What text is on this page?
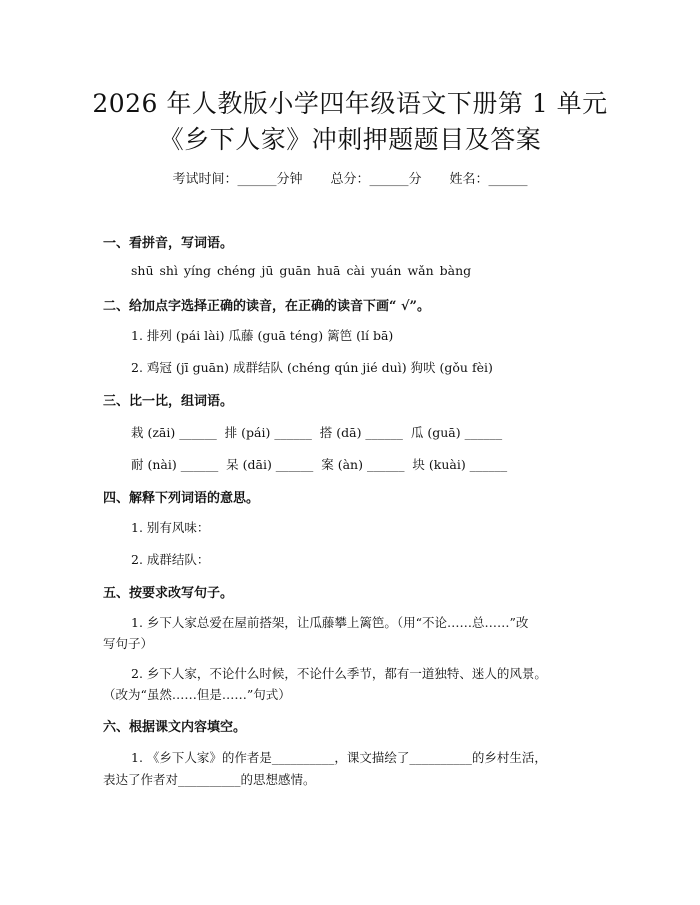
2026 年人教版小学四年级语文下册第 1 单元
《乡下人家》冲刺押题题目及答案
考试时间：______分钟 总分：______分 姓名：______
一、看拼音，写词语。
shū shì yíng chéng jū guān huā cài yuán wǎn bàng
二、给加点字选择正确的读音，在正确的读音下画“ √”。
1. 排列 (pái lài) 瓜藤 (guā téng) 篱笆 (lí bā)
2. 鸡冠 (jī guān) 成群结队 (chéng qún jié duì) 狗吠 (gǒu fèi)
三、比一比，组词语。
栽 (zāi) ______  排 (pái) ______  搭 (dā) ______  瓜 (guā) ______
耐 (nài) ______  呆 (dāi) ______  案 (àn) ______  块 (kuài) ______
四、解释下列词语的意思。
1. 别有风味：
2. 成群结队：
五、按要求改写句子。
1. 乡下人家总爱在屋前搭架，让瓜藤攀上篱笆。（用“不论……总……”改
写句子）
2. 乡下人家，不论什么时候，不论什么季节，都有一道独特、迷人的风景。
（改为“虽然……但是……”句式）
六、根据课文内容填空。
1. 《乡下人家》的作者是__________，课文描绘了__________的乡村生活，
表达了作者对__________的思想感情。
